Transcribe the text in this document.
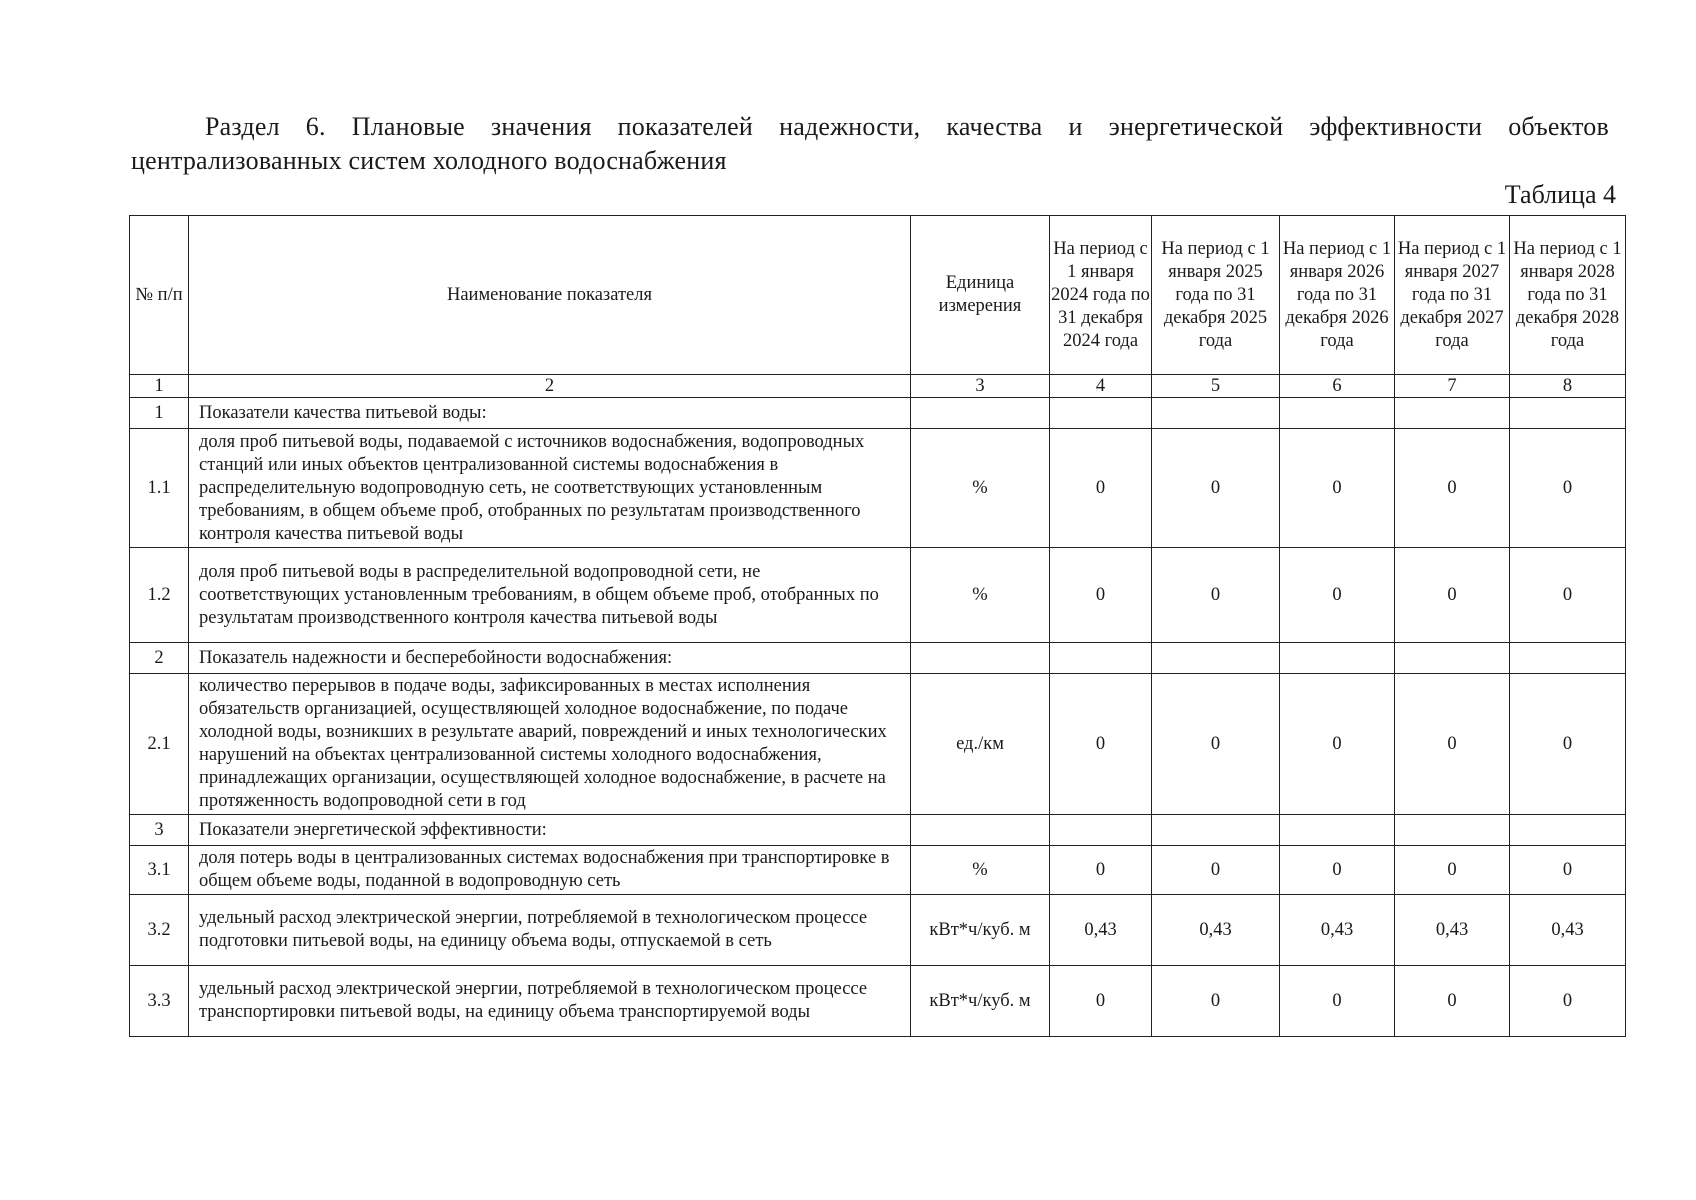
Раздел 6. Плановые значения показателей надежности, качества и энергетической эффективности объектов централизованных систем холодного водоснабжения
Таблица 4
№ п/п	Наименование показателя	Единица измерения	На период с 1 января 2024 года по 31 декабря 2024 года	На период с 1 января 2025 года по 31 декабря 2025 года	На период с 1 января 2026 года по 31 декабря 2026 года	На период с 1 января 2027 года по 31 декабря 2027 года	На период с 1 января 2028 года по 31 декабря 2028 года
1	2	3	4	5	6	7	8
1	Показатели качества питьевой воды:						
1.1	доля проб питьевой воды, подаваемой с источников водоснабжения, водопроводных станций или иных объектов централизованной системы водоснабжения в распределительную водопроводную сеть, не соответствующих установленным требованиям, в общем объеме проб, отобранных по результатам производственного контроля качества питьевой воды	%	0	0	0	0	0
1.2	доля проб питьевой воды в распределительной водопроводной сети, не соответствующих установленным требованиям, в общем объеме проб, отобранных по результатам производственного контроля качества питьевой воды	%	0	0	0	0	0
2	Показатель надежности и бесперебойности водоснабжения:						
2.1	количество перерывов в подаче воды, зафиксированных в местах исполнения обязательств организацией, осуществляющей холодное водоснабжение, по подаче холодной воды, возникших в результате аварий, повреждений и иных технологических нарушений на объектах централизованной системы холодного водоснабжения, принадлежащих организации, осуществляющей холодное водоснабжение, в расчете на протяженность водопроводной сети в год	ед./км	0	0	0	0	0
3	Показатели энергетической эффективности:						
3.1	доля потерь воды в централизованных системах водоснабжения при транспортировке в общем объеме воды, поданной в водопроводную сеть	%	0	0	0	0	0
3.2	удельный расход электрической энергии, потребляемой в технологическом процессе подготовки питьевой воды, на единицу объема воды, отпускаемой в сеть	кВт*ч/куб. м	0,43	0,43	0,43	0,43	0,43
3.3	удельный расход электрической энергии, потребляемой в технологическом процессе транспортировки питьевой воды, на единицу объема транспортируемой воды	кВт*ч/куб. м	0	0	0	0	0
